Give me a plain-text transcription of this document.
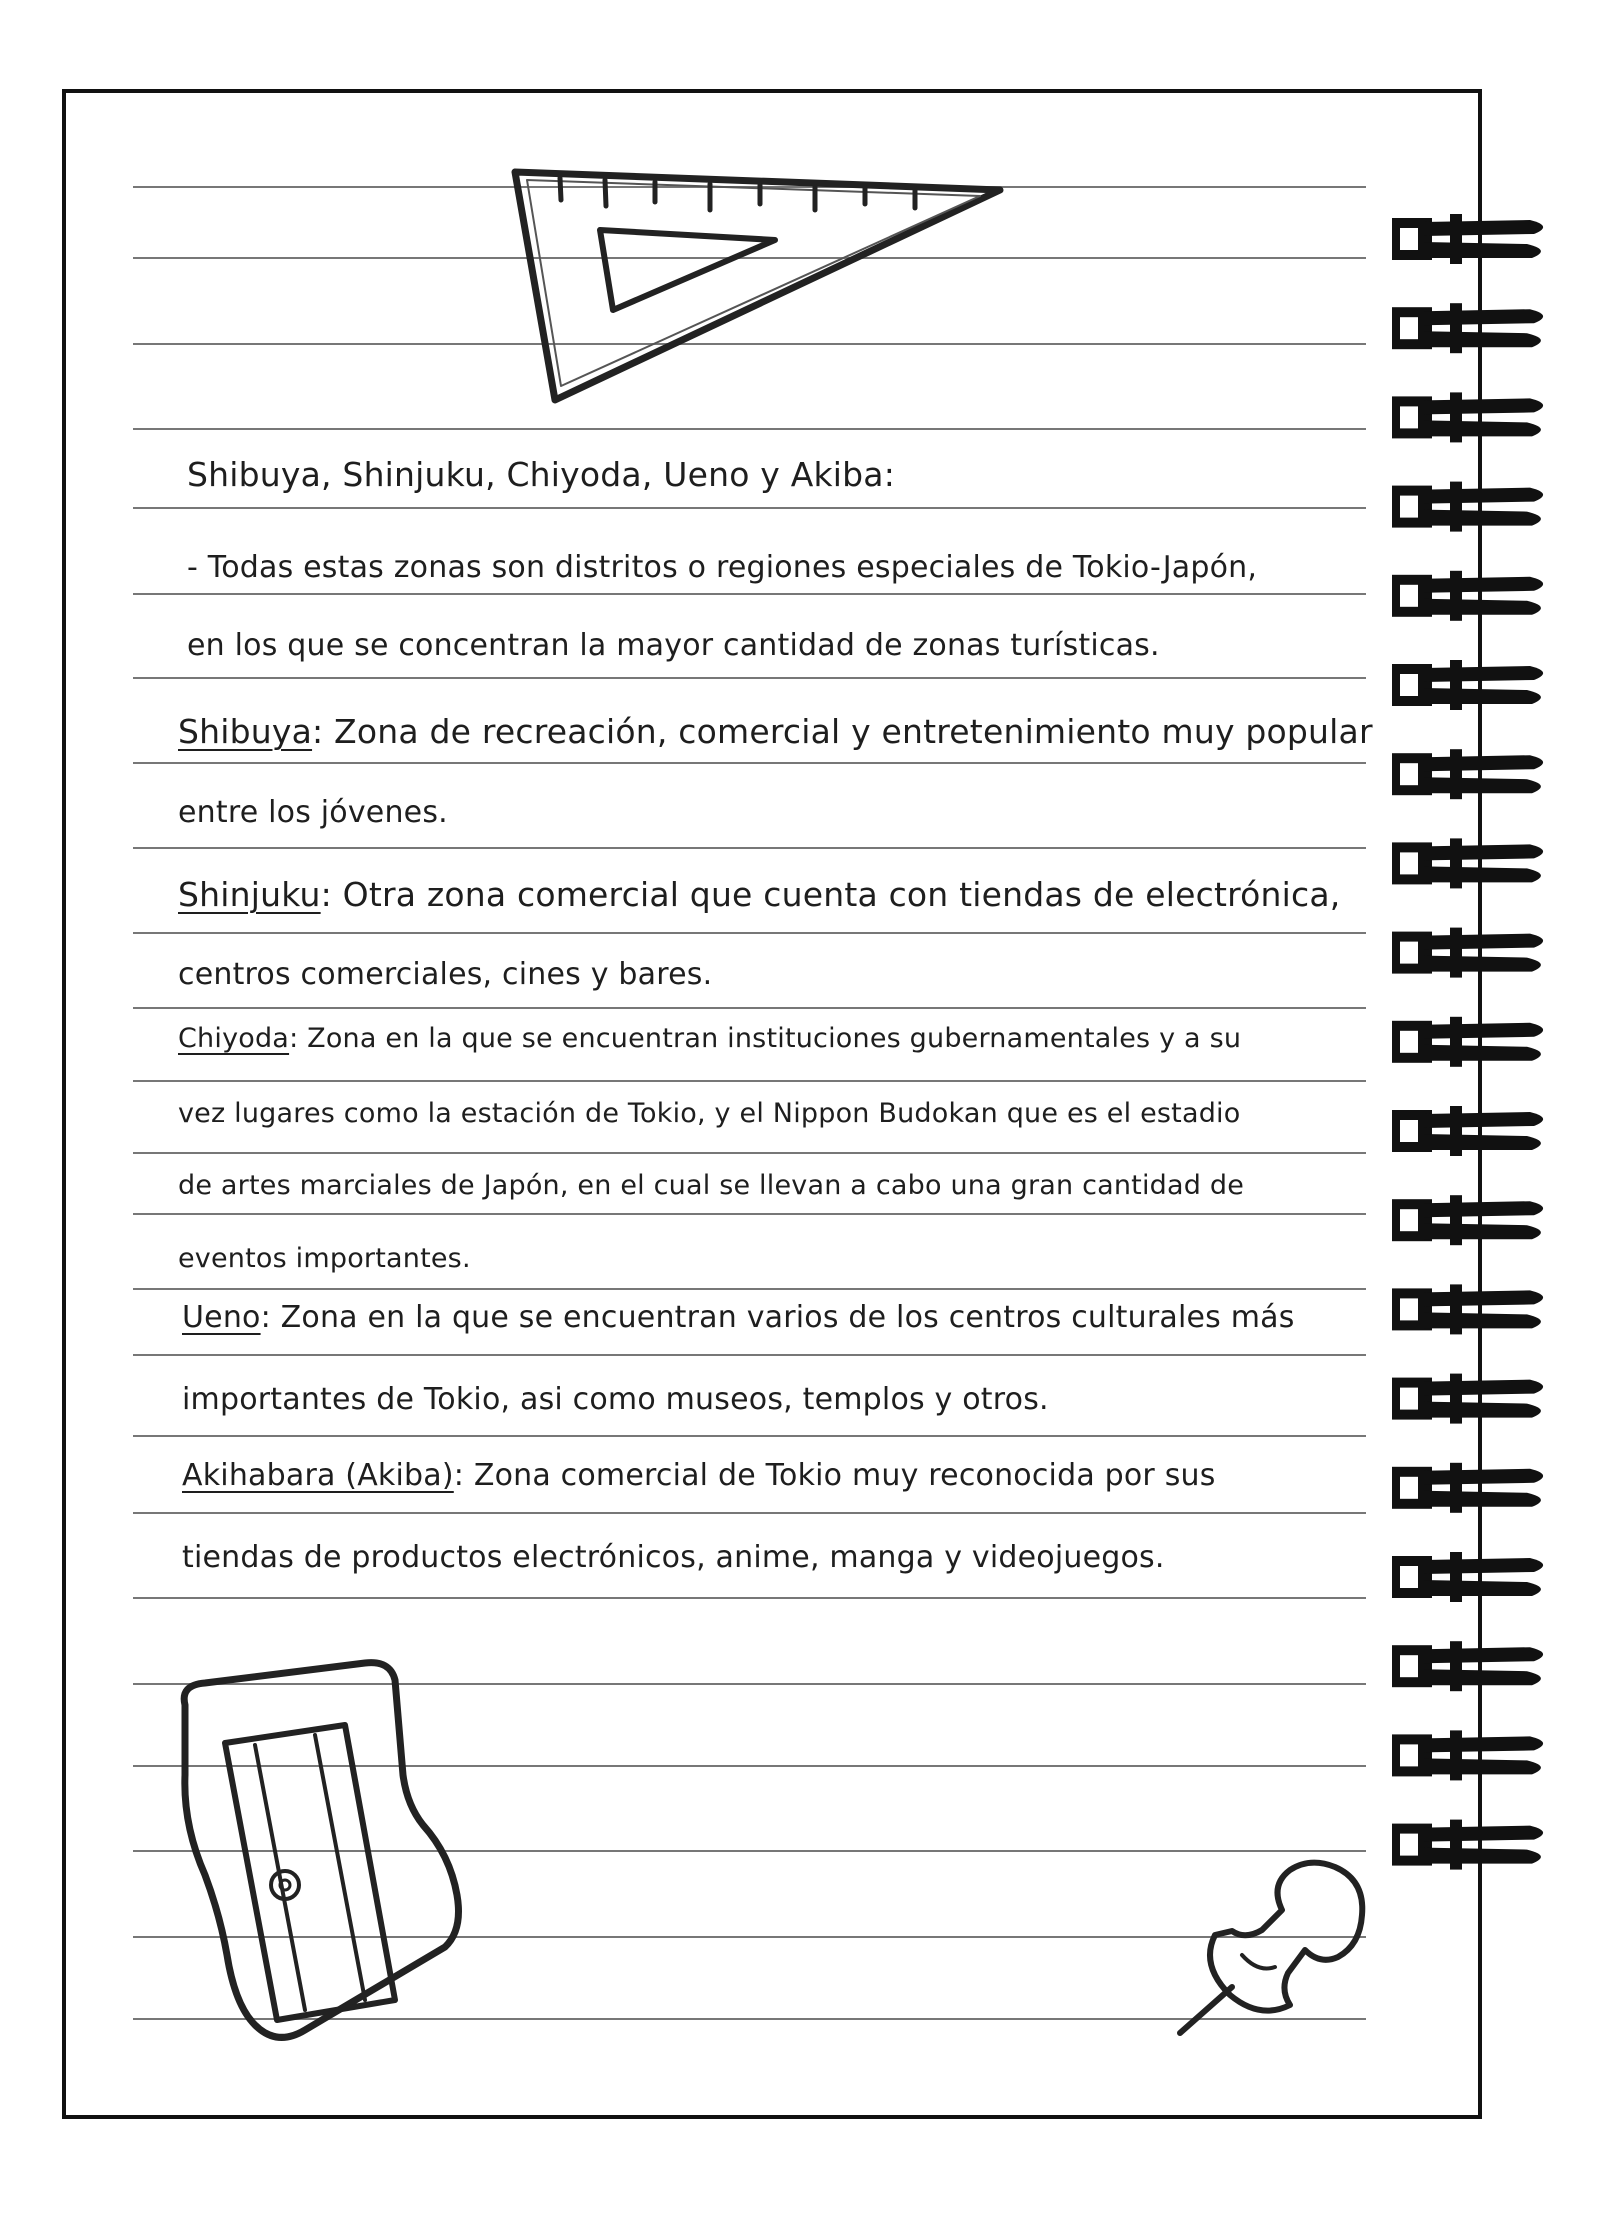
Shibuya, Shinjuku, Chiyoda, Ueno y Akiba:
- Todas estas zonas son distritos o regiones especiales de Tokio-Japón,
en los que se concentran la mayor cantidad de zonas turísticas.
Shibuya: Zona de recreación, comercial y entretenimiento muy popular
entre los jóvenes.
Shinjuku: Otra zona comercial que cuenta con tiendas de electrónica,
centros comerciales, cines y bares.
Chiyoda: Zona en la que se encuentran instituciones gubernamentales y a su
vez lugares como la estación de Tokio, y el Nippon Budokan que es el estadio
de artes marciales de Japón, en el cual se llevan a cabo una gran cantidad de
eventos importantes.
Ueno: Zona en la que se encuentran varios de los centros culturales más
importantes de Tokio, asi como museos, templos y otros.
Akihabara (Akiba): Zona comercial de Tokio muy reconocida por sus
tiendas de productos electrónicos, anime, manga y videojuegos.
